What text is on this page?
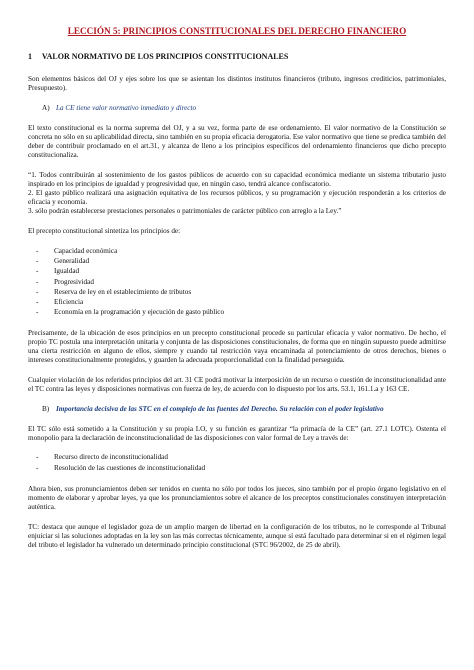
LECCIÓN 5: PRINCIPIOS CONSTITUCIONALES DEL DERECHO FINANCIERO
1 VALOR NORMATIVO DE LOS PRINCIPIOS CONSTITUCIONALES

Son elementos básicos del OJ y ejes sobre los que se asientan los distintos institutos financieros (tributo, ingresos crediticios, patrimoniales, Presupuesto).

A) La CE tiene valor normativo inmediato y directo

El texto constitucional es la norma suprema del OJ, y a su vez, forma parte de ese ordenamiento. El valor normativo de la Constitución se concreta no sólo en su aplicabilidad directa, sino también en su propia eficacia derogatoria. Ese valor normativo que tiene se predica también del deber de contribuir proclamado en el art.31, y alcanza de lleno a los principios específicos del ordenamiento financieros que dicho precepto constitucionaliza.

“1. Todos contribuirán al sostenimiento de los gastos públicos de acuerdo con su capacidad económica mediante un sistema tributario justo inspirado en los principios de igualdad y progresividad que, en ningún caso, tendrá alcance confiscatorio.

2. El gasto público realizará una asignación equitativa de los recursos públicos, y su programación y ejecución responderán a los criterios de eficacia y economía.

3. sólo podrán establecerse prestaciones personales o patrimoniales de carácter público con arreglo a la Ley.”

El precepto constitucional sintetiza los principios de:

-	Capacidad económica
-	Generalidad
-	Igualdad
-	Progresividad
-	Reserva de ley en el establecimiento de tributos
-	Eficiencia
-	Economía en la programación y ejecución de gasto público

Precisamente, de la ubicación de esos principios en un precepto constitucional procede su particular eficacia y valor normativo. De hecho, el propio TC postula una interpretación unitaria y conjunta de las disposiciones constitucionales, de forma que en ningún supuesto puede admitirse una cierta restricción en alguno de ellos, siempre y cuando tal restricción vaya encaminada al potenciamiento de otros derechos, bienes o intereses constitucionalmente protegidos, y guarden la adecuada proporcionalidad con la finalidad perseguida.

Cualquier violación de los referidos principios del art. 31 CE podrá motivar la interposición de un recurso o cuestión de inconstitucionalidad ante el TC contra las leyes y disposiciones normativas con fuerza de ley, de acuerdo con lo dispuesto por los arts. 53.1, 161.1.a y 163 CE.

B) Importancia decisiva de las STC en el complejo de las fuentes del Derecho. Su relación con el poder legislativo

El TC sólo está sometido a la Constitución y su propia LO, y su función es garantizar “la primacía de la CE” (art. 27.1 LOTC). Ostenta el monopolio para la declaración de inconstitucionalidad de las disposiciones con valor formal de Ley a través de:

-	Recurso directo de inconstitucionalidad
-	Resolución de las cuestiones de inconstitucionalidad

Ahora bien, sus pronunciamientos deben ser tenidos en cuenta no sólo por todos los jueces, sino también por el propio órgano legislativo en el momento de elaborar y aprobar leyes, ya que los pronunciamientos sobre el alcance de los preceptos constitucionales constituyen interpretación auténtica.

TC: destaca que aunque el legislador goza de un amplio margen de libertad en la configuración de los tributos, no le corresponde al Tribunal enjuiciar si las soluciones adoptadas en la ley son las más correctas técnicamente, aunque sí está facultado para determinar si en el régimen legal del tributo el legislador ha vulnerado un determinado principio constitucional (STC 96/2002, de 25 de abril).
